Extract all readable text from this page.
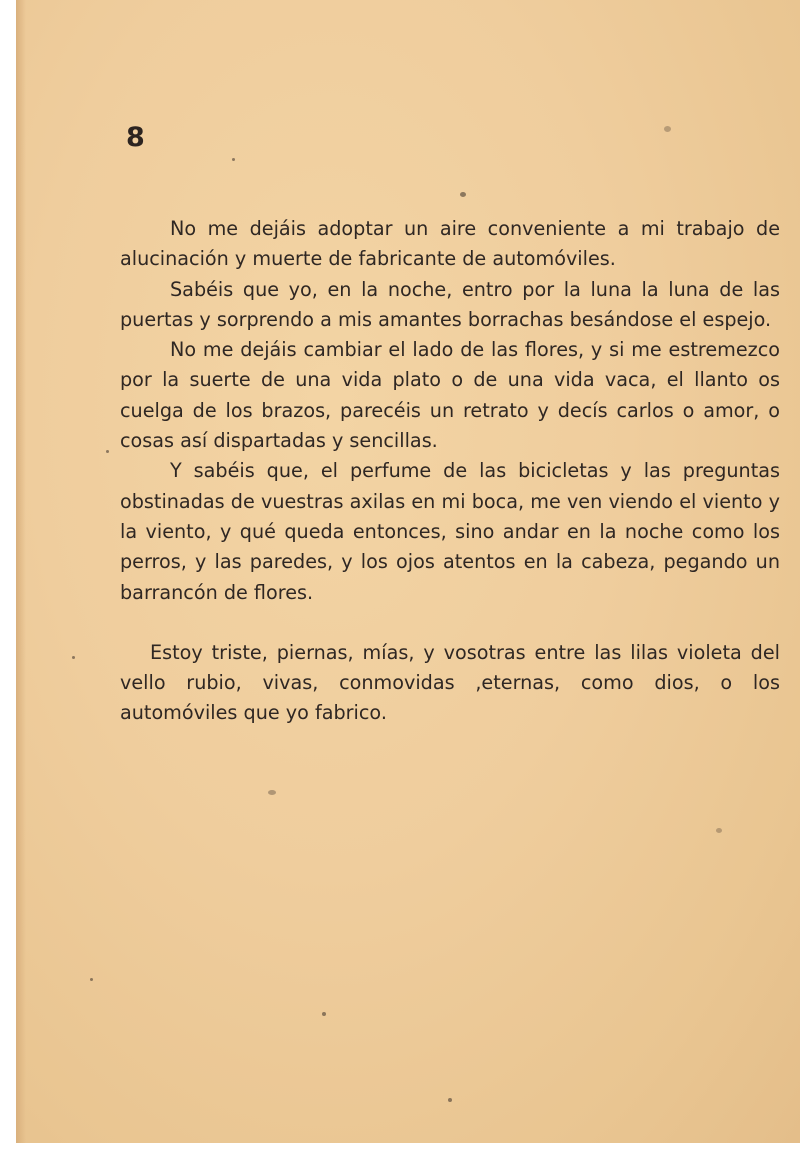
8

No me dejáis adoptar un aire conveniente a mi trabajo de alucinación y muerte de fabricante de automóviles.

Sabéis que yo, en la noche, entro por la luna la luna de las puertas y sorprendo a mis amantes borrachas besándose el espejo.

No me dejáis cambiar el lado de las flores, y si me estremezco por la suerte de una vida plato o de una vida vaca, el llanto os cuelga de los brazos, parecéis un retrato y decís carlos o amor, o cosas así dispartadas y sencillas.

Y sabéis que, el perfume de las bicicletas y las preguntas obstinadas de vuestras axilas en mi boca, me ven viendo el viento y la viento, y qué queda entonces, sino andar en la noche como los perros, y las paredes, y los ojos atentos en la cabeza, pegando un barrancón de flores.

Estoy triste, piernas, mías, y vosotras entre las lilas violeta del vello rubio, vivas, conmovidas ,eternas, como dios, o los automóviles que yo fabrico.
